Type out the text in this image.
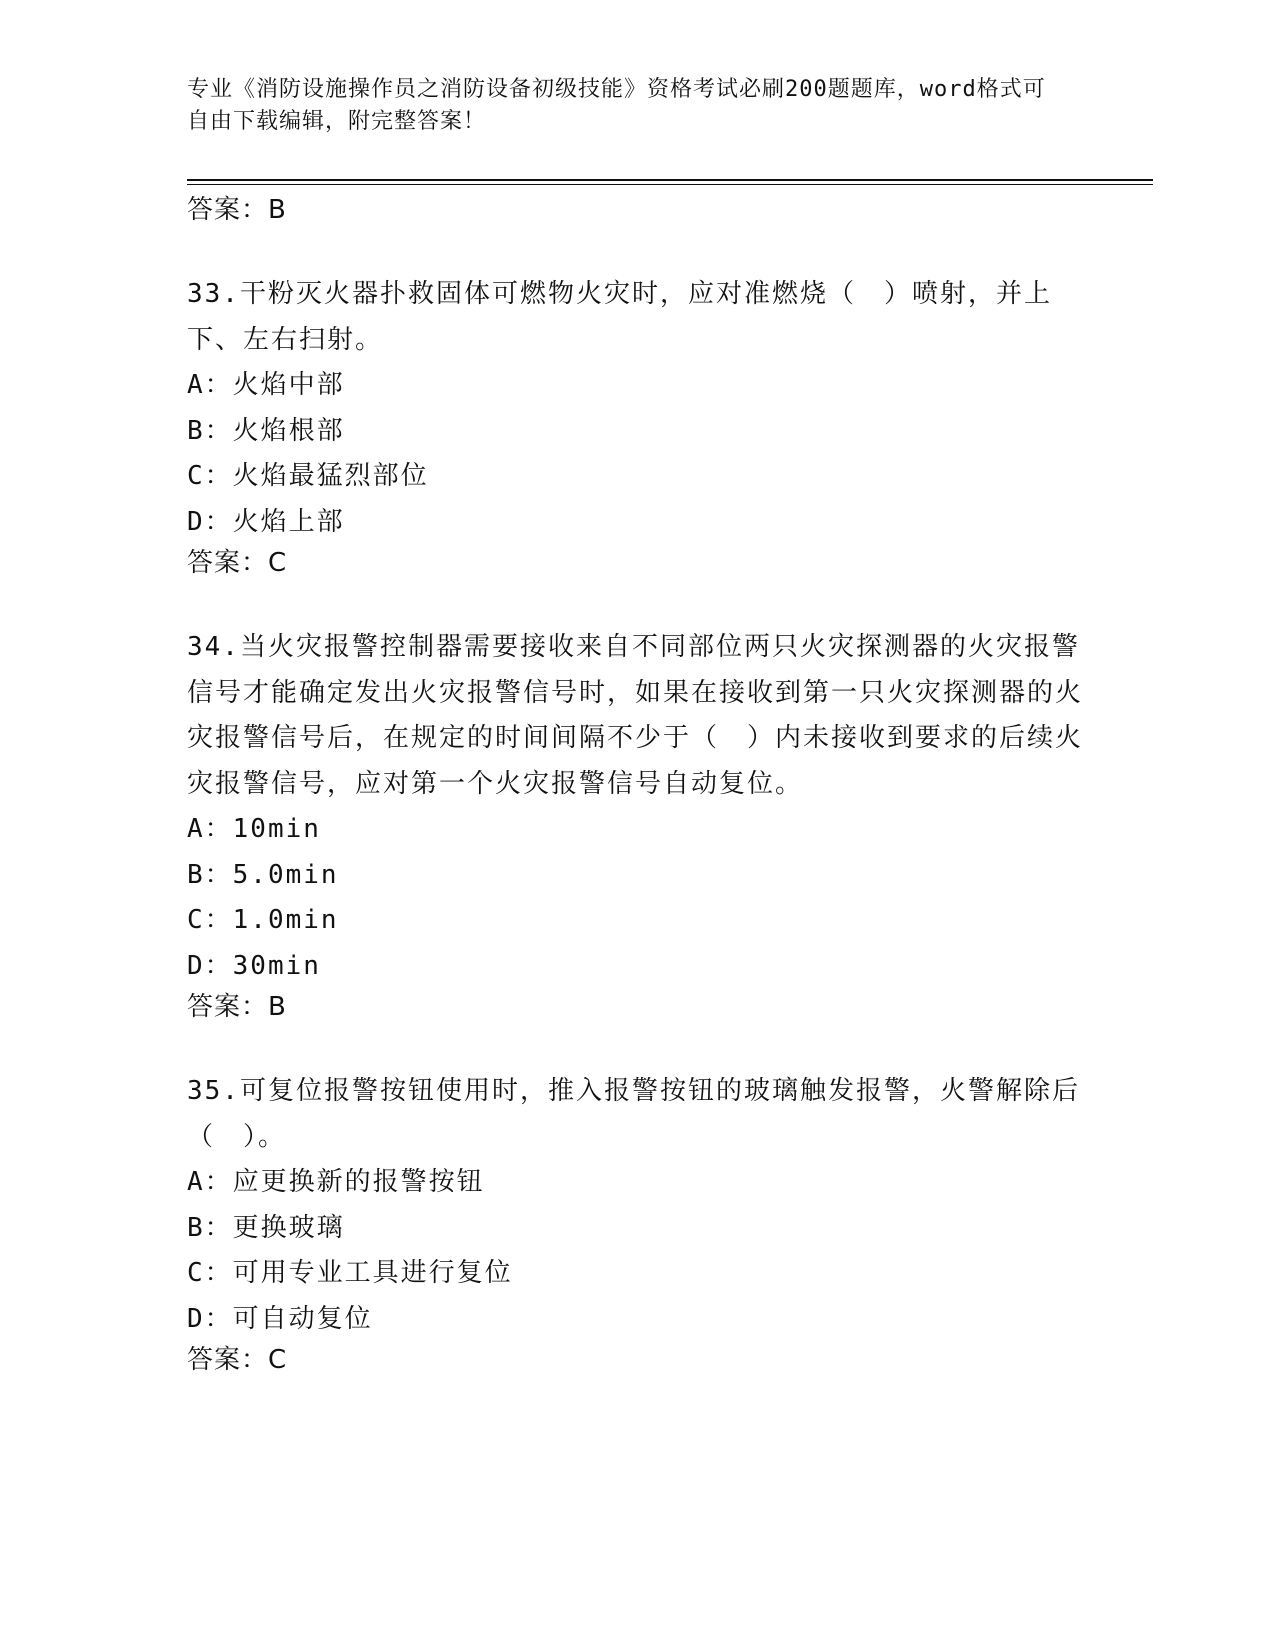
专业《消防设施操作员之消防设备初级技能》资格考试必刷200题题库，word格式可自由下载编辑，附完整答案！
答案：B
33.干粉灭火器扑救固体可燃物火灾时，应对准燃烧（　）喷射，并上下、左右扫射。
A：火焰中部
B：火焰根部
C：火焰最猛烈部位
D：火焰上部
答案：C
34.当火灾报警控制器需要接收来自不同部位两只火灾探测器的火灾报警信号才能确定发出火灾报警信号时，如果在接收到第一只火灾探测器的火灾报警信号后，在规定的时间间隔不少于（　）内未接收到要求的后续火灾报警信号，应对第一个火灾报警信号自动复位。
A：10min
B：5.0min
C：1.0min
D：30min
答案：B
35.可复位报警按钮使用时，推入报警按钮的玻璃触发报警，火警解除后（　）。
A：应更换新的报警按钮
B：更换玻璃
C：可用专业工具进行复位
D：可自动复位
答案：C
